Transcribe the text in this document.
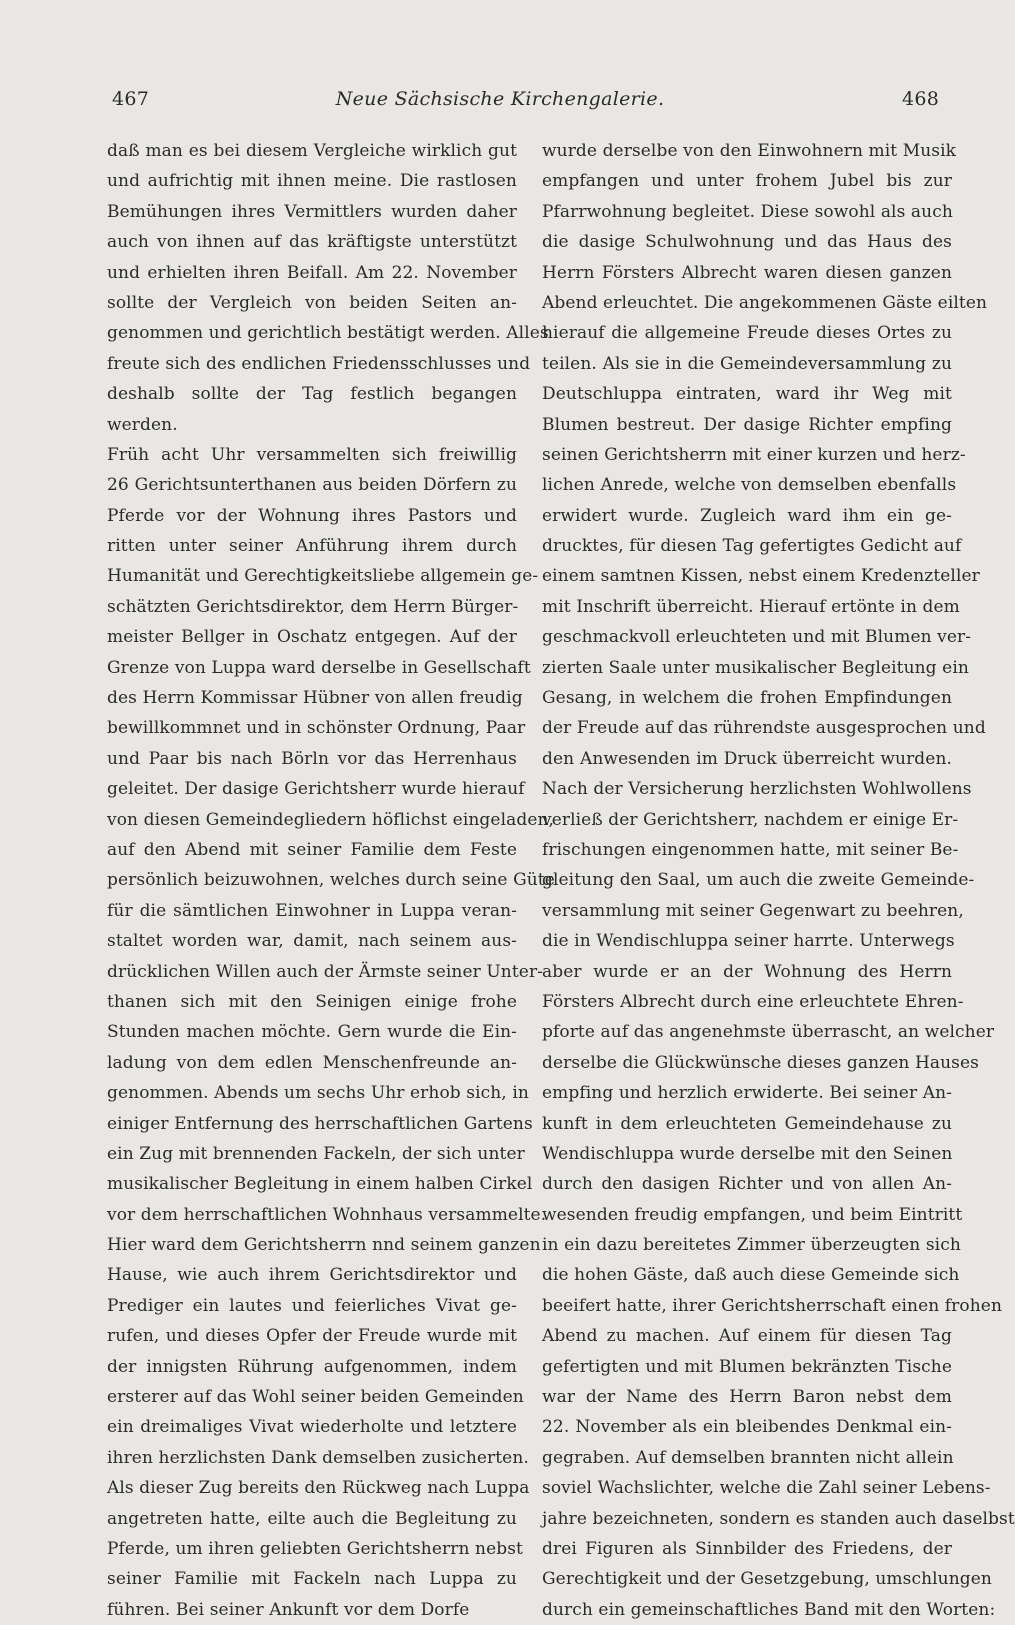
467	Neue Sächsische Kirchengalerie.	468
daß man es bei diesem Vergleiche wirklich gut
und aufrichtig mit ihnen meine. Die rastlosen
Bemühungen ihres Vermittlers wurden daher
auch von ihnen auf das kräftigste unterstützt
und erhielten ihren Beifall. Am 22. November
sollte der Vergleich von beiden Seiten an-
genommen und gerichtlich bestätigt werden. Alles
freute sich des endlichen Friedensschlusses und
deshalb sollte der Tag festlich begangen
werden.
Früh acht Uhr versammelten sich freiwillig
26 Gerichtsunterthanen aus beiden Dörfern zu
Pferde vor der Wohnung ihres Pastors und
ritten unter seiner Anführung ihrem durch
Humanität und Gerechtigkeitsliebe allgemein ge-
schätzten Gerichtsdirektor, dem Herrn Bürger-
meister Bellger in Oschatz entgegen. Auf der
Grenze von Luppa ward derselbe in Gesellschaft
des Herrn Kommissar Hübner von allen freudig
bewillkommnet und in schönster Ordnung, Paar
und Paar bis nach Börln vor das Herrenhaus
geleitet. Der dasige Gerichtsherr wurde hierauf
von diesen Gemeindegliedern höflichst eingeladen,
auf den Abend mit seiner Familie dem Feste
persönlich beizuwohnen, welches durch seine Güte
für die sämtlichen Einwohner in Luppa veran-
staltet worden war, damit, nach seinem aus-
drücklichen Willen auch der Ärmste seiner Unter-
thanen sich mit den Seinigen einige frohe
Stunden machen möchte. Gern wurde die Ein-
ladung von dem edlen Menschenfreunde an-
genommen. Abends um sechs Uhr erhob sich, in
einiger Entfernung des herrschaftlichen Gartens
ein Zug mit brennenden Fackeln, der sich unter
musikalischer Begleitung in einem halben Cirkel
vor dem herrschaftlichen Wohnhaus versammelte.
Hier ward dem Gerichtsherrn nnd seinem ganzen
Hause, wie auch ihrem Gerichtsdirektor und
Prediger ein lautes und feierliches Vivat ge-
rufen, und dieses Opfer der Freude wurde mit
der innigsten Rührung aufgenommen, indem
ersterer auf das Wohl seiner beiden Gemeinden
ein dreimaliges Vivat wiederholte und letztere
ihren herzlichsten Dank demselben zusicherten.
Als dieser Zug bereits den Rückweg nach Luppa
angetreten hatte, eilte auch die Begleitung zu
Pferde, um ihren geliebten Gerichtsherrn nebst
seiner Familie mit Fackeln nach Luppa zu
führen. Bei seiner Ankunft vor dem Dorfe
wurde derselbe von den Einwohnern mit Musik
empfangen und unter frohem Jubel bis zur
Pfarrwohnung begleitet. Diese sowohl als auch
die dasige Schulwohnung und das Haus des
Herrn Försters Albrecht waren diesen ganzen
Abend erleuchtet. Die angekommenen Gäste eilten
hierauf die allgemeine Freude dieses Ortes zu
teilen. Als sie in die Gemeindeversammlung zu
Deutschluppa eintraten, ward ihr Weg mit
Blumen bestreut. Der dasige Richter empfing
seinen Gerichtsherrn mit einer kurzen und herz-
lichen Anrede, welche von demselben ebenfalls
erwidert wurde. Zugleich ward ihm ein ge-
drucktes, für diesen Tag gefertigtes Gedicht auf
einem samtnen Kissen, nebst einem Kredenzteller
mit Inschrift überreicht. Hierauf ertönte in dem
geschmackvoll erleuchteten und mit Blumen ver-
zierten Saale unter musikalischer Begleitung ein
Gesang, in welchem die frohen Empfindungen
der Freude auf das rührendste ausgesprochen und
den Anwesenden im Druck überreicht wurden.
Nach der Versicherung herzlichsten Wohlwollens
verließ der Gerichtsherr, nachdem er einige Er-
frischungen eingenommen hatte, mit seiner Be-
gleitung den Saal, um auch die zweite Gemeinde-
versammlung mit seiner Gegenwart zu beehren,
die in Wendischluppa seiner harrte. Unterwegs
aber wurde er an der Wohnung des Herrn
Försters Albrecht durch eine erleuchtete Ehren-
pforte auf das angenehmste überrascht, an welcher
derselbe die Glückwünsche dieses ganzen Hauses
empfing und herzlich erwiderte. Bei seiner An-
kunft in dem erleuchteten Gemeindehause zu
Wendischluppa wurde derselbe mit den Seinen
durch den dasigen Richter und von allen An-
wesenden freudig empfangen, und beim Eintritt
in ein dazu bereitetes Zimmer überzeugten sich
die hohen Gäste, daß auch diese Gemeinde sich
beeifert hatte, ihrer Gerichtsherrschaft einen frohen
Abend zu machen. Auf einem für diesen Tag
gefertigten und mit Blumen bekränzten Tische
war der Name des Herrn Baron nebst dem
22. November als ein bleibendes Denkmal ein-
gegraben. Auf demselben brannten nicht allein
soviel Wachslichter, welche die Zahl seiner Lebens-
jahre bezeichneten, sondern es standen auch daselbst
drei Figuren als Sinnbilder des Friedens, der
Gerechtigkeit und der Gesetzgebung, umschlungen
durch ein gemeinschaftliches Band mit den Worten:
